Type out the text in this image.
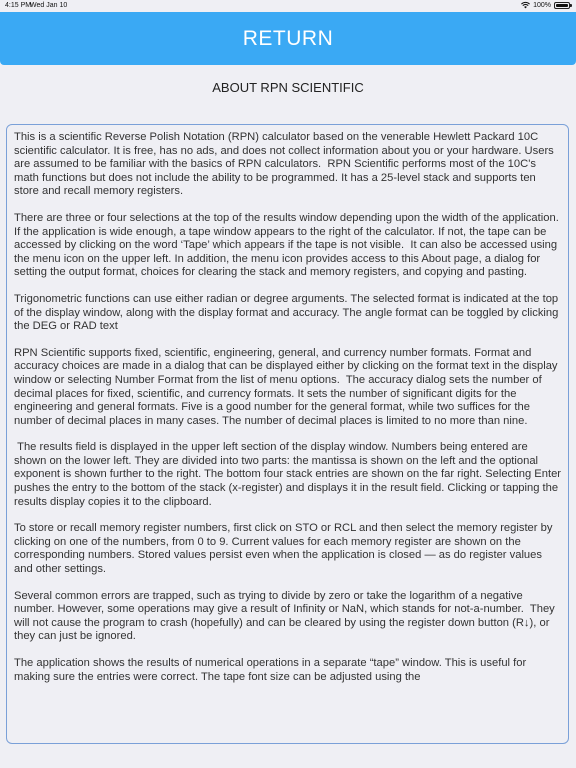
4:15 PM
Wed Jan 10	100%
RETURN
ABOUT RPN SCIENTIFIC

This is a scientific Reverse Polish Notation (RPN) calculator based on the venerable Hewlett Packard 10C scientific calculator. It is free, has no ads, and does not collect information about you or your hardware. Users are assumed to be familiar with the basics of RPN calculators.  RPN Scientific performs most of the 10C's math functions but does not include the ability to be programmed. It has a 25-level stack and supports ten store and recall memory registers.

There are three or four selections at the top of the results window depending upon the width of the application. If the application is wide enough, a tape window appears to the right of the calculator. If not, the tape can be accessed by clicking on the word ‘Tape’ which appears if the tape is not visible.  It can also be accessed using the menu icon on the upper left. In addition, the menu icon provides access to this About page, a dialog for setting the output format, choices for clearing the stack and memory registers, and copying and pasting.

Trigonometric functions can use either radian or degree arguments. The selected format is indicated at the top of the display window, along with the display format and accuracy. The angle format can be toggled by clicking the DEG or RAD text

RPN Scientific supports fixed, scientific, engineering, general, and currency number formats. Format and accuracy choices are made in a dialog that can be displayed either by clicking on the format text in the display window or selecting Number Format from the list of menu options.  The accuracy dialog sets the number of decimal places for fixed, scientific, and currency formats. It sets the number of significant digits for the engineering and general formats. Five is a good number for the general format, while two suffices for the number of decimal places in many cases. The number of decimal places is limited to no more than nine.

The results field is displayed in the upper left section of the display window. Numbers being entered are shown on the lower left. They are divided into two parts: the mantissa is shown on the left and the optional exponent is shown further to the right. The bottom four stack entries are shown on the far right. Selecting Enter pushes the entry to the bottom of the stack (x-register) and displays it in the result field. Clicking or tapping the results display copies it to the clipboard.

To store or recall memory register numbers, first click on STO or RCL and then select the memory register by clicking on one of the numbers, from 0 to 9. Current values for each memory register are shown on the corresponding numbers. Stored values persist even when the application is closed — as do register values and other settings.

Several common errors are trapped, such as trying to divide by zero or take the logarithm of a negative number. However, some operations may give a result of Infinity or NaN, which stands for not-a-number.  They will not cause the program to crash (hopefully) and can be cleared by using the register down button (R↓), or they can just be ignored.

The application shows the results of numerical operations in a separate “tape” window. This is useful for making sure the entries were correct. The tape font size can be adjusted using the
